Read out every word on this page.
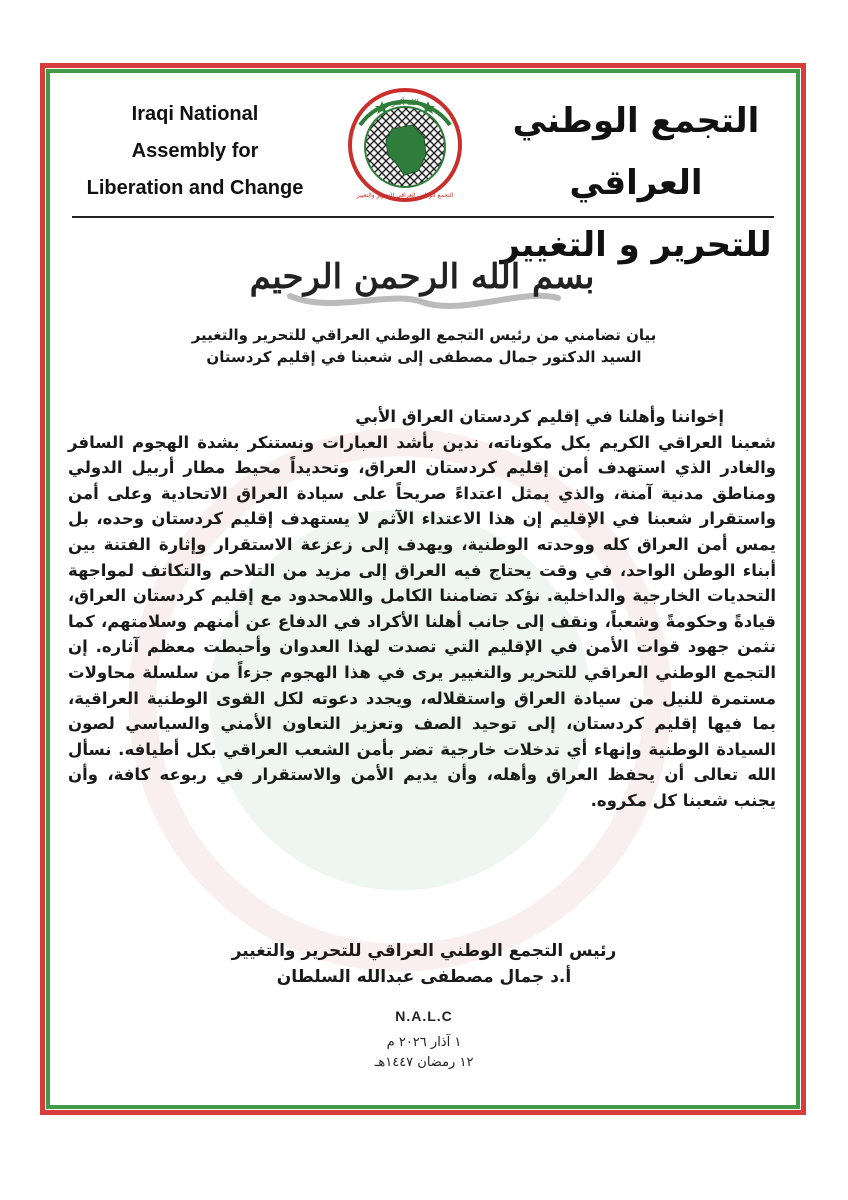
Iraqi National
Assembly for
Liberation and Change
الله أكبر
التجمع الوطني العراقي للتحرير والتغيير
التجمع الوطني العراقي
للتحرير و التغيير
بسم الله الرحمن الرحيم
بيان تضامني من رئيس التجمع الوطني العراقي للتحرير والتغيير
السيد الدكتور جمال مصطفى إلى شعبنا في إقليم كردستان
إخواننا وأهلنا في إقليم كردستان العراق الأبي
شعبنا العراقي الكريم بكل مكوناته، ندين بأشد العبارات ونستنكر بشدة الهجوم السافر والغادر الذي استهدف أمن إقليم كردستان العراق، وتحديداً محيط مطار أربيل الدولي ومناطق مدنية آمنة، والذي يمثل اعتداءً صريحاً على سيادة العراق الاتحادية وعلى أمن واستقرار شعبنا في الإقليم إن هذا الاعتداء الآثم لا يستهدف إقليم كردستان وحده، بل يمس أمن العراق كله ووحدته الوطنية، ويهدف إلى زعزعة الاستقرار وإثارة الفتنة بين أبناء الوطن الواحد، في وقت يحتاج فيه العراق إلى مزيد من التلاحم والتكاتف لمواجهة التحديات الخارجية والداخلية. نؤكد تضامننا الكامل واللامحدود مع إقليم كردستان العراق، قيادةً وحكومةً وشعباً، ونقف إلى جانب أهلنا الأكراد في الدفاع عن أمنهم وسلامتهم، كما نثمن جهود قوات الأمن في الإقليم التي تصدت لهذا العدوان وأحبطت معظم آثاره. إن التجمع الوطني العراقي للتحرير والتغيير يرى في هذا الهجوم جزءاً من سلسلة محاولات مستمرة للنيل من سيادة العراق واستقلاله، ويجدد دعوته لكل القوى الوطنية العراقية، بما فيها إقليم كردستان، إلى توحيد الصف وتعزيز التعاون الأمني والسياسي لصون السيادة الوطنية وإنهاء أي تدخلات خارجية تضر بأمن الشعب العراقي بكل أطيافه. نسأل الله تعالى أن يحفظ العراق وأهله، وأن يديم الأمن والاستقرار في ربوعه كافة، وأن يجنب شعبنا كل مكروه.
رئيس التجمع الوطني العراقي للتحرير والتغيير
أ.د جمال مصطفى عبدالله السلطان
N.A.L.C
١ آذار ٢٠٢٦ م
١٢ رمضان ١٤٤٧هـ
